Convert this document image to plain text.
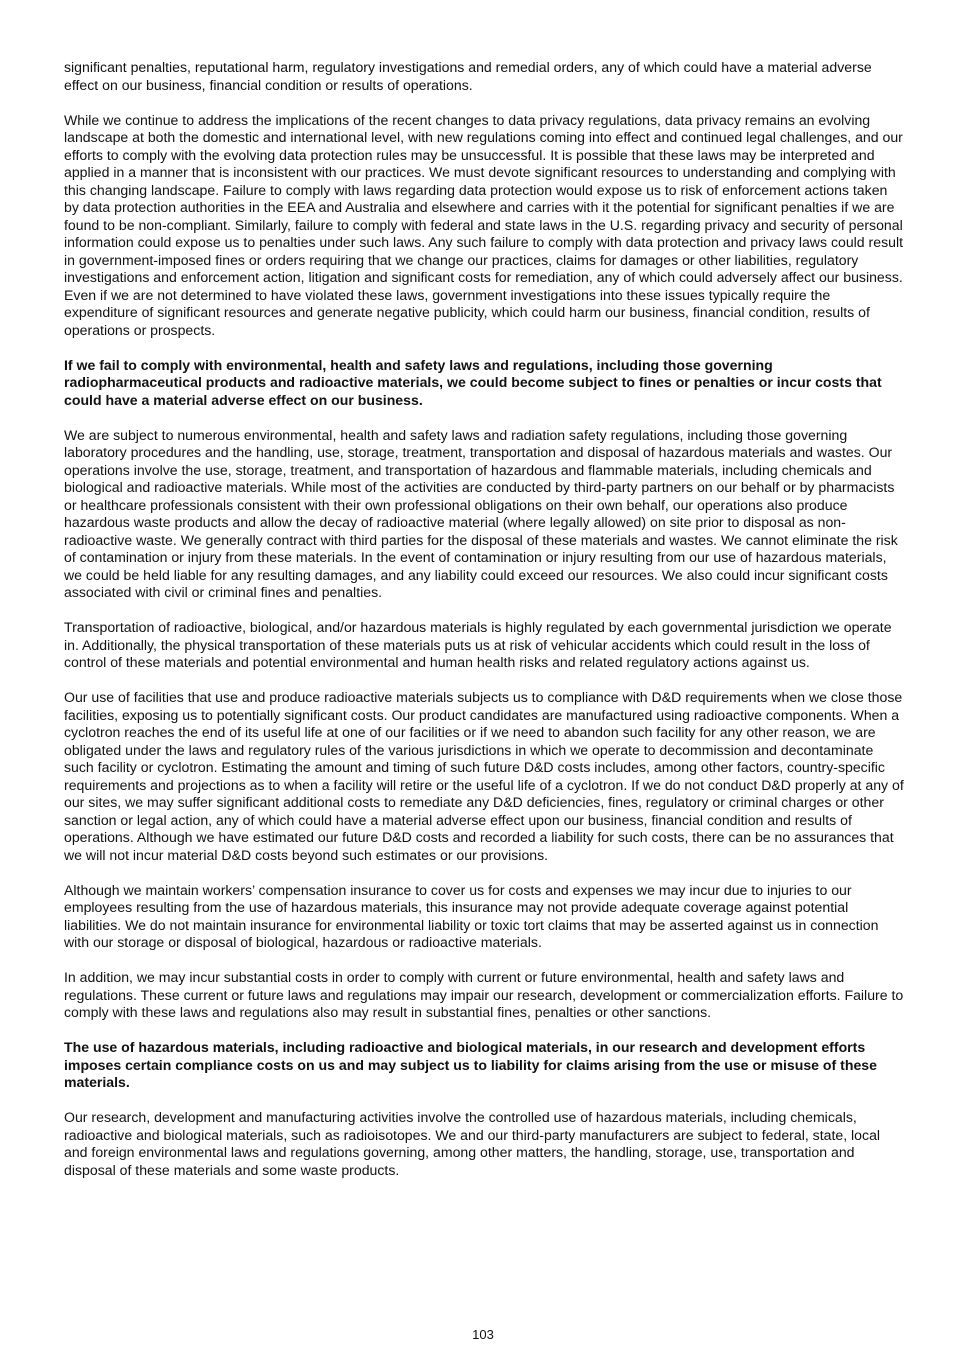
significant penalties, reputational harm, regulatory investigations and remedial orders, any of which could have a material adverse effect on our business, financial condition or results of operations.

While we continue to address the implications of the recent changes to data privacy regulations, data privacy remains an evolving landscape at both the domestic and international level, with new regulations coming into effect and continued legal challenges, and our efforts to comply with the evolving data protection rules may be unsuccessful. It is possible that these laws may be interpreted and applied in a manner that is inconsistent with our practices. We must devote significant resources to understanding and complying with this changing landscape. Failure to comply with laws regarding data protection would expose us to risk of enforcement actions taken by data protection authorities in the EEA and Australia and elsewhere and carries with it the potential for significant penalties if we are found to be non-compliant. Similarly, failure to comply with federal and state laws in the U.S. regarding privacy and security of personal information could expose us to penalties under such laws. Any such failure to comply with data protection and privacy laws could result in government-imposed fines or orders requiring that we change our practices, claims for damages or other liabilities, regulatory investigations and enforcement action, litigation and significant costs for remediation, any of which could adversely affect our business. Even if we are not determined to have violated these laws, government investigations into these issues typically require the expenditure of significant resources and generate negative publicity, which could harm our business, financial condition, results of operations or prospects.

If we fail to comply with environmental, health and safety laws and regulations, including those governing radiopharmaceutical products and radioactive materials, we could become subject to fines or penalties or incur costs that could have a material adverse effect on our business.

We are subject to numerous environmental, health and safety laws and radiation safety regulations, including those governing laboratory procedures and the handling, use, storage, treatment, transportation and disposal of hazardous materials and wastes. Our operations involve the use, storage, treatment, and transportation of hazardous and flammable materials, including chemicals and biological and radioactive materials. While most of the activities are conducted by third-party partners on our behalf or by pharmacists or healthcare professionals consistent with their own professional obligations on their own behalf, our operations also produce hazardous waste products and allow the decay of radioactive material (where legally allowed) on site prior to disposal as non-radioactive waste. We generally contract with third parties for the disposal of these materials and wastes. We cannot eliminate the risk of contamination or injury from these materials. In the event of contamination or injury resulting from our use of hazardous materials, we could be held liable for any resulting damages, and any liability could exceed our resources. We also could incur significant costs associated with civil or criminal fines and penalties.

Transportation of radioactive, biological, and/or hazardous materials is highly regulated by each governmental jurisdiction we operate in. Additionally, the physical transportation of these materials puts us at risk of vehicular accidents which could result in the loss of control of these materials and potential environmental and human health risks and related regulatory actions against us.

Our use of facilities that use and produce radioactive materials subjects us to compliance with D&D requirements when we close those facilities, exposing us to potentially significant costs. Our product candidates are manufactured using radioactive components. When a cyclotron reaches the end of its useful life at one of our facilities or if we need to abandon such facility for any other reason, we are obligated under the laws and regulatory rules of the various jurisdictions in which we operate to decommission and decontaminate such facility or cyclotron. Estimating the amount and timing of such future D&D costs includes, among other factors, country-specific requirements and projections as to when a facility will retire or the useful life of a cyclotron. If we do not conduct D&D properly at any of our sites, we may suffer significant additional costs to remediate any D&D deficiencies, fines, regulatory or criminal charges or other sanction or legal action, any of which could have a material adverse effect upon our business, financial condition and results of operations. Although we have estimated our future D&D costs and recorded a liability for such costs, there can be no assurances that we will not incur material D&D costs beyond such estimates or our provisions.

Although we maintain workers’ compensation insurance to cover us for costs and expenses we may incur due to injuries to our employees resulting from the use of hazardous materials, this insurance may not provide adequate coverage against potential liabilities. We do not maintain insurance for environmental liability or toxic tort claims that may be asserted against us in connection with our storage or disposal of biological, hazardous or radioactive materials.

In addition, we may incur substantial costs in order to comply with current or future environmental, health and safety laws and regulations. These current or future laws and regulations may impair our research, development or commercialization efforts. Failure to comply with these laws and regulations also may result in substantial fines, penalties or other sanctions.

The use of hazardous materials, including radioactive and biological materials, in our research and development efforts imposes certain compliance costs on us and may subject us to liability for claims arising from the use or misuse of these materials.

Our research, development and manufacturing activities involve the controlled use of hazardous materials, including chemicals, radioactive and biological materials, such as radioisotopes. We and our third-party manufacturers are subject to federal, state, local and foreign environmental laws and regulations governing, among other matters, the handling, storage, use, transportation and disposal of these materials and some waste products.

103
